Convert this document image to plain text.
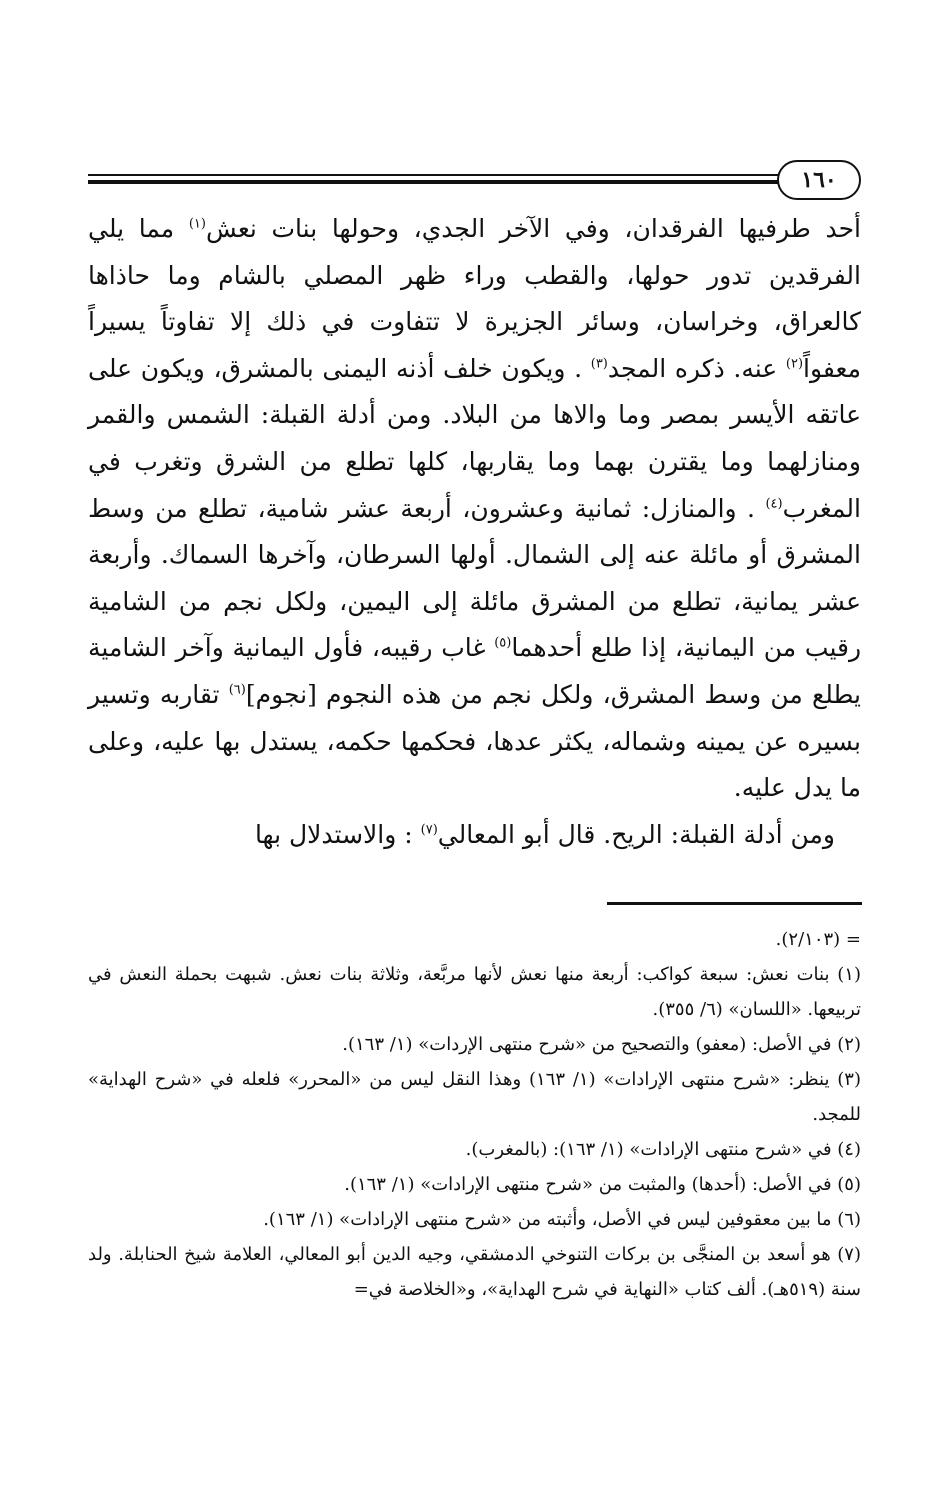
١٦٠

أحد طرفيها الفرقدان، وفي الآخر الجدي، وحولها بنات نعش$^{(١)}$ مما يلي الفرقدين تدور حولها، والقطب وراء ظهر المصلي بالشام وما حاذاها كالعراق، وخراسان، وسائر الجزيرة لا تتفاوت في ذلك إلا تفاوتاً يسيراً معفواً$^{(٢)}$ عنه. ذكره المجد$^{(٣)}$ . ويكون خلف أذنه اليمنى بالمشرق، ويكون على عاتقه الأيسر بمصر وما والاها من البلاد. ومن أدلة القبلة: الشمس والقمر ومنازلهما وما يقترن بهما وما يقاربها، كلها تطلع من الشرق وتغرب في المغرب$^{(٤)}$ . والمنازل: ثمانية وعشرون، أربعة عشر شامية، تطلع من وسط المشرق أو مائلة عنه إلى الشمال. أولها السرطان، وآخرها السماك. وأربعة عشر يمانية، تطلع من المشرق مائلة إلى اليمين، ولكل نجم من الشامية رقيب من اليمانية، إذا طلع أحدهما$^{(٥)}$ غاب رقيبه، فأول اليمانية وآخر الشامية يطلع من وسط المشرق، ولكل نجم من هذه النجوم [نجوم]$^{(٦)}$ تقاربه وتسير بسيره عن يمينه وشماله، يكثر عدها، فحكمها حكمه، يستدل بها عليه، وعلى ما يدل عليه.

ومن أدلة القبلة: الريح. قال أبو المعالي$^{(٧)}$ : والاستدلال بها

= (٢/١٠٣).
(١) بنات نعش: سبعة كواكب: أربعة منها نعش لأنها مربَّعة، وثلاثة بنات نعش. شبهت بحملة النعش في تربيعها. «اللسان» (٦/ ٣٥٥).
(٢) في الأصل: (معفو) والتصحيح من «شرح منتهى الإردات» (١/ ١٦٣).
(٣) ينظر: «شرح منتهى الإرادات» (١/ ١٦٣) وهذا النقل ليس من «المحرر» فلعله في «شرح الهداية» للمجد.
(٤) في «شرح منتهى الإرادات» (١/ ١٦٣): (بالمغرب).
(٥) في الأصل: (أحدها) والمثبت من «شرح منتهى الإرادات» (١/ ١٦٣).
(٦) ما بين معقوفين ليس في الأصل، وأثبته من «شرح منتهى الإرادات» (١/ ١٦٣).
(٧) هو أسعد بن المنجَّى بن بركات التنوخي الدمشقي، وجيه الدين أبو المعالي، العلامة شيخ الحنابلة. ولد سنة (٥١٩هـ). ألف كتاب «النهاية في شرح الهداية»، و«الخلاصة في=
